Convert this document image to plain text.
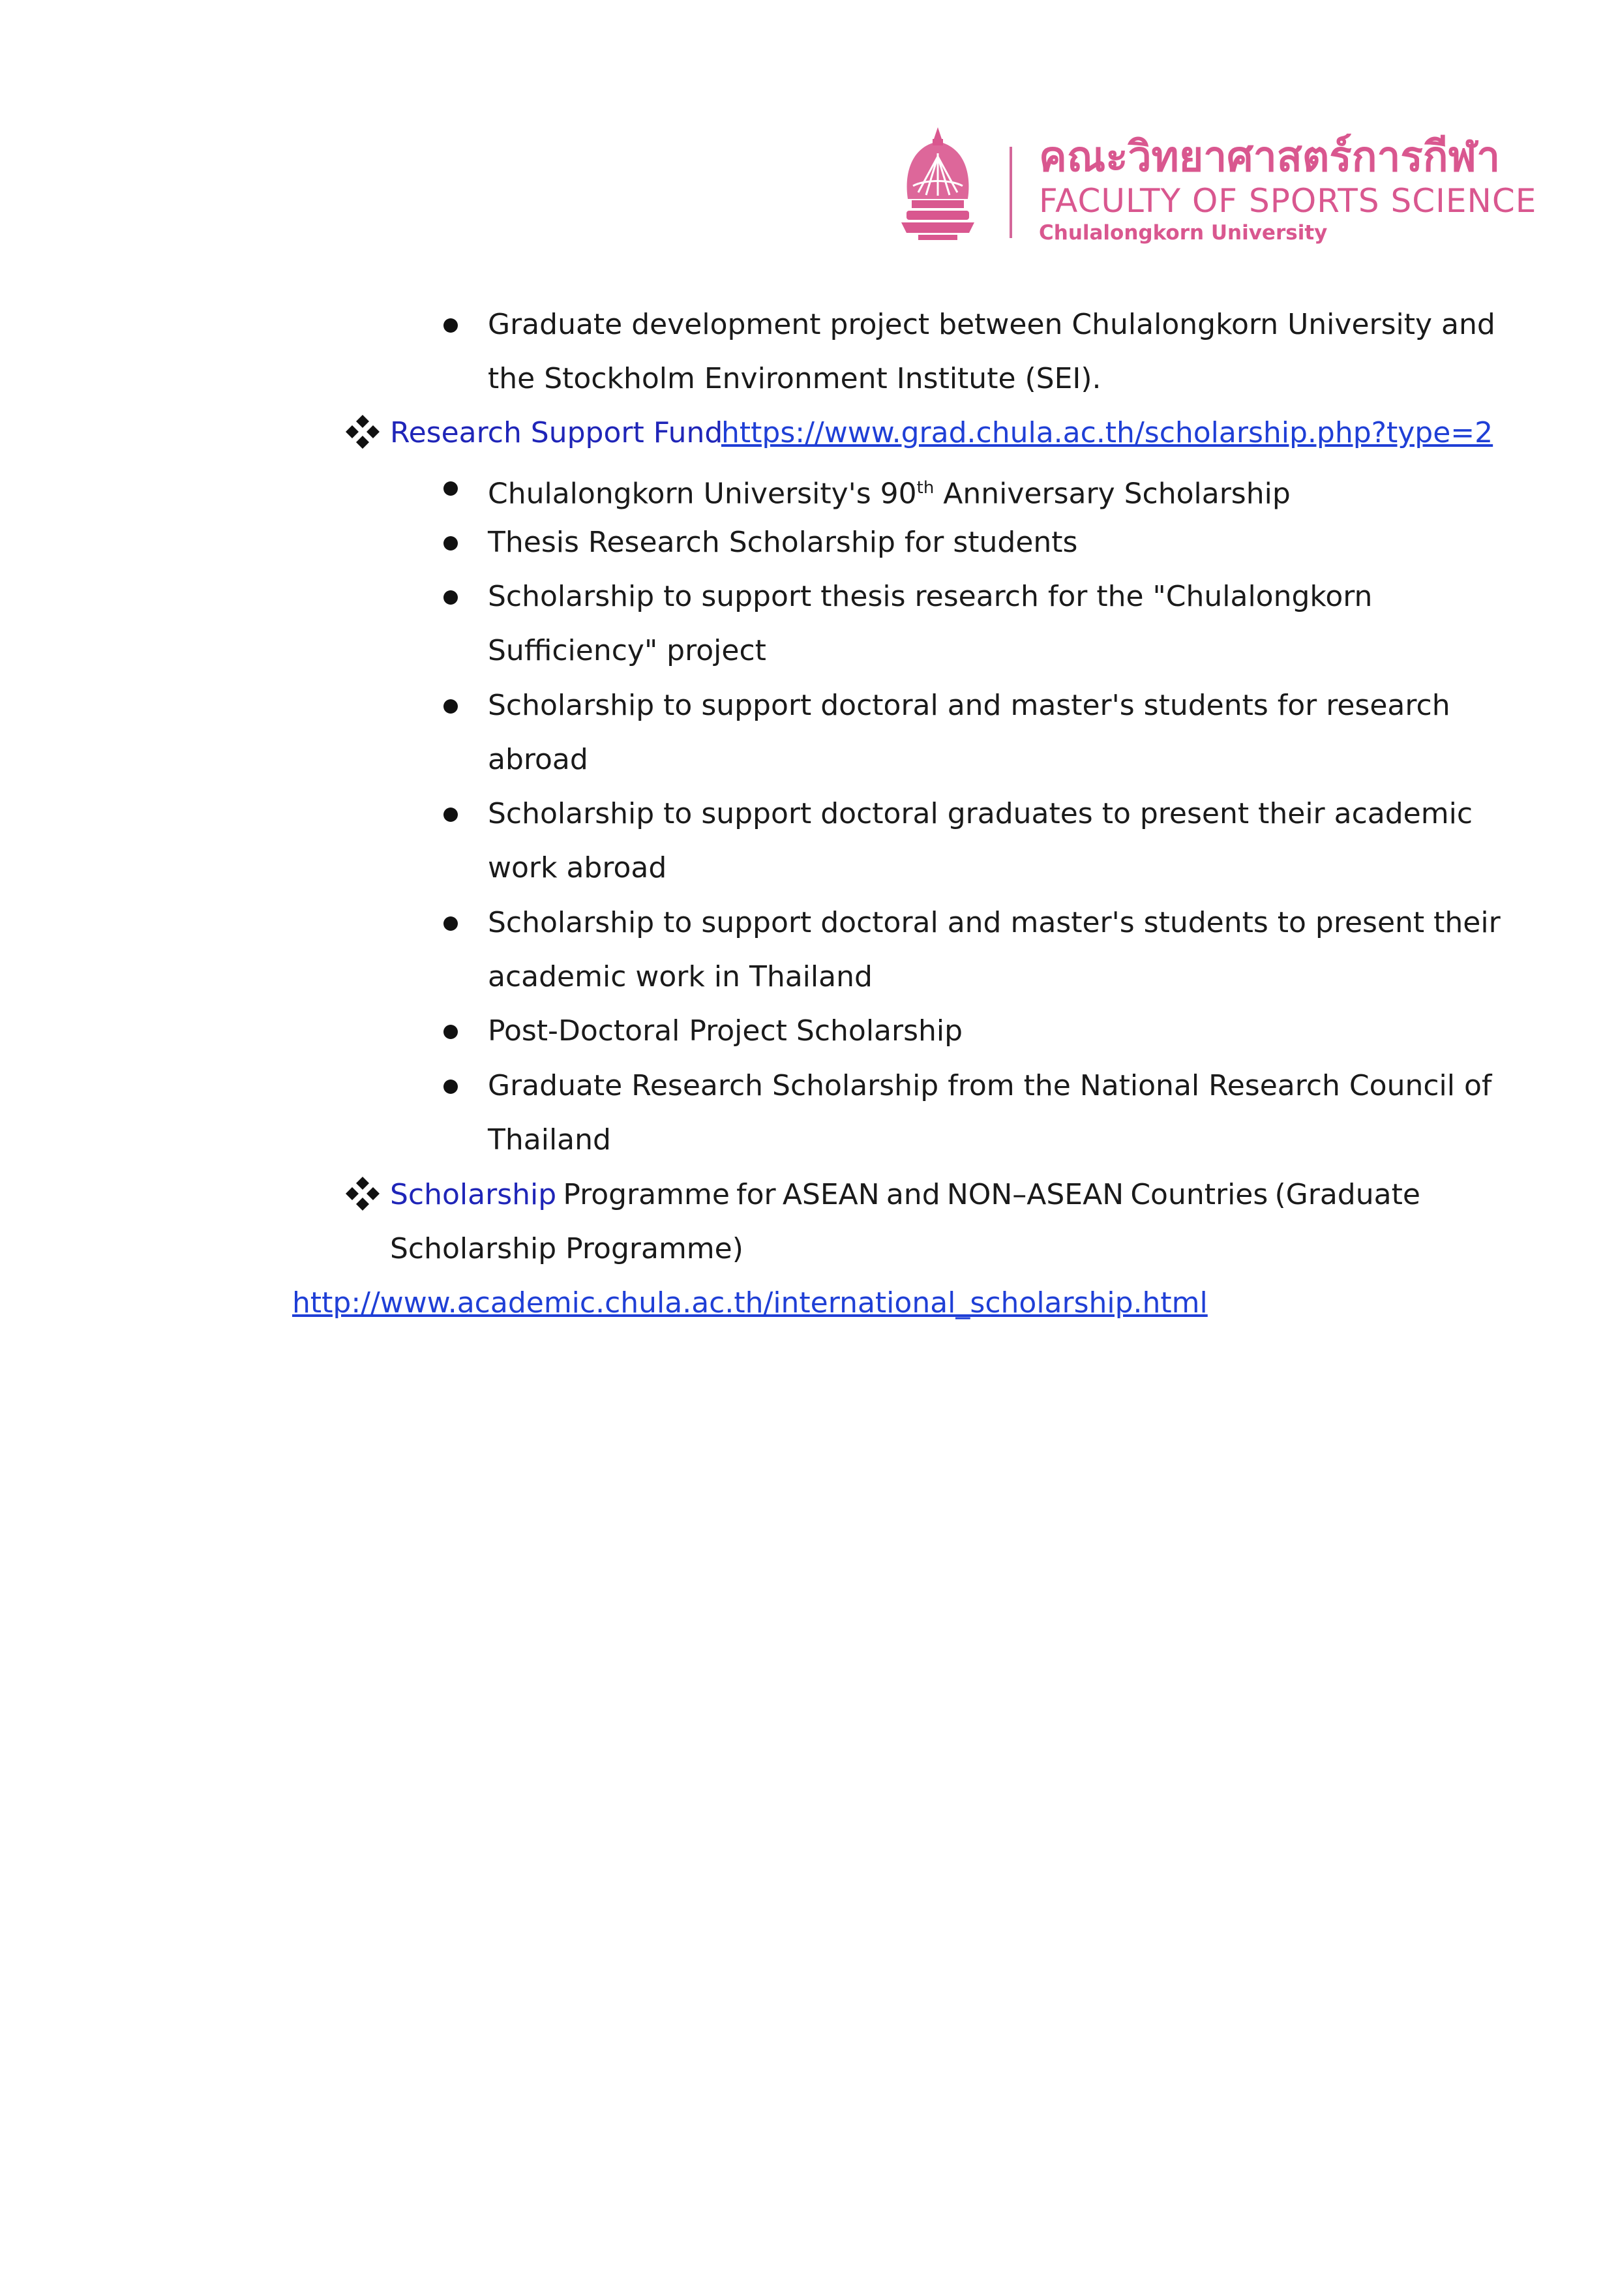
คณะวิทยาศาสตร์การกีฬา
FACULTY OF SPORTS SCIENCE
Chulalongkorn University
Graduate development project between Chulalongkorn University and
the Stockholm Environment Institute (SEI).
Research Support Fund
https://www.grad.chula.ac.th/scholarship.php?type=2
Chulalongkorn University's 90th Anniversary Scholarship
Thesis Research Scholarship for students
Scholarship to support thesis research for the "Chulalongkorn
Sufficiency" project
Scholarship to support doctoral and master's students for research
abroad
Scholarship to support doctoral graduates to present their academic
work abroad
Scholarship to support doctoral and master's students to present their
academic work in Thailand
Post-Doctoral Project Scholarship
Graduate Research Scholarship from the National Research Council of
Thailand
Scholarship Programme for ASEAN and NON–ASEAN Countries (Graduate
Scholarship Programme)
http://www.academic.chula.ac.th/international_scholarship.html
